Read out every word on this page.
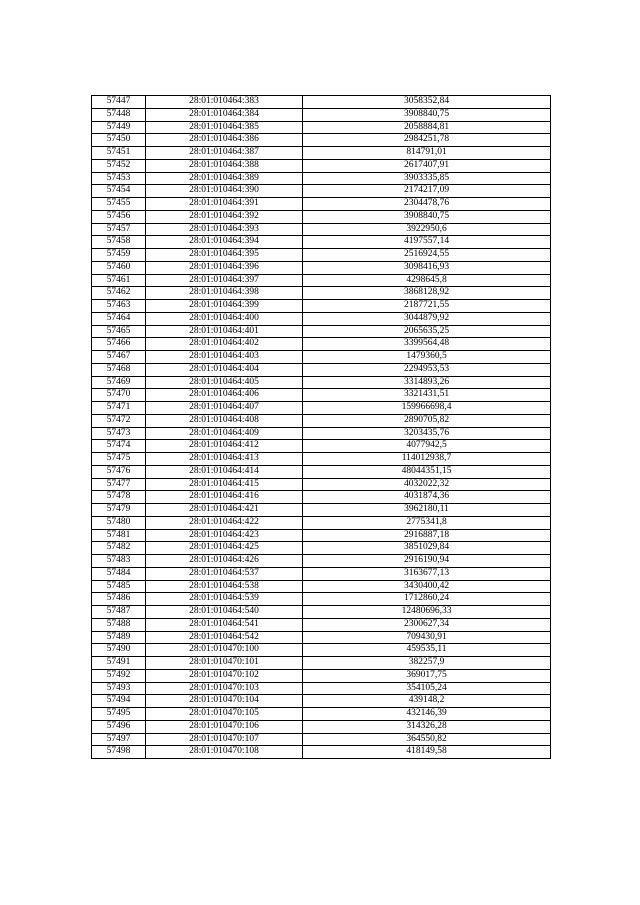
57447	28:01:010464:383	3058352,84
57448	28:01:010464:384	3908840,75
57449	28:01:010464:385	2058884,81
57450	28:01:010464:386	2984251,78
57451	28:01:010464:387	814791,01
57452	28:01:010464:388	2617407,91
57453	28:01:010464:389	3903335,85
57454	28:01:010464:390	2174217,09
57455	28:01:010464:391	2304478,76
57456	28:01:010464:392	3908840,75
57457	28:01:010464:393	3922950,6
57458	28:01:010464:394	4197557,14
57459	28:01:010464:395	2516924,55
57460	28:01:010464:396	3098416,93
57461	28:01:010464:397	4298645,8
57462	28:01:010464:398	3868128,92
57463	28:01:010464:399	2187721,55
57464	28:01:010464:400	3044879,92
57465	28:01:010464:401	2065635,25
57466	28:01:010464:402	3399564,48
57467	28:01:010464:403	1479360,5
57468	28:01:010464:404	2294953,53
57469	28:01:010464:405	3314893,26
57470	28:01:010464:406	3321431,51
57471	28:01:010464:407	159966698,4
57472	28:01:010464:408	2890705,82
57473	28:01:010464:409	3203435,76
57474	28:01:010464:412	4077942,5
57475	28:01:010464:413	114012938,7
57476	28:01:010464:414	48044351,15
57477	28:01:010464:415	4032022,32
57478	28:01:010464:416	4031874,36
57479	28:01:010464:421	3962180,11
57480	28:01:010464:422	2775341,8
57481	28:01:010464:423	2916887,18
57482	28:01:010464:425	3851029,84
57483	28:01:010464:426	2916190,94
57484	28:01:010464:537	3163677,13
57485	28:01:010464:538	3430400,42
57486	28:01:010464:539	1712860,24
57487	28:01:010464:540	12480696,33
57488	28:01:010464:541	2300627,34
57489	28:01:010464:542	709430,91
57490	28:01:010470:100	459535,11
57491	28:01:010470:101	382257,9
57492	28:01:010470:102	369017,75
57493	28:01:010470:103	354105,24
57494	28:01:010470:104	439148,2
57495	28:01:010470:105	432146,39
57496	28:01:010470:106	314326,28
57497	28:01:010470:107	364550,82
57498	28:01:010470:108	418149,58
